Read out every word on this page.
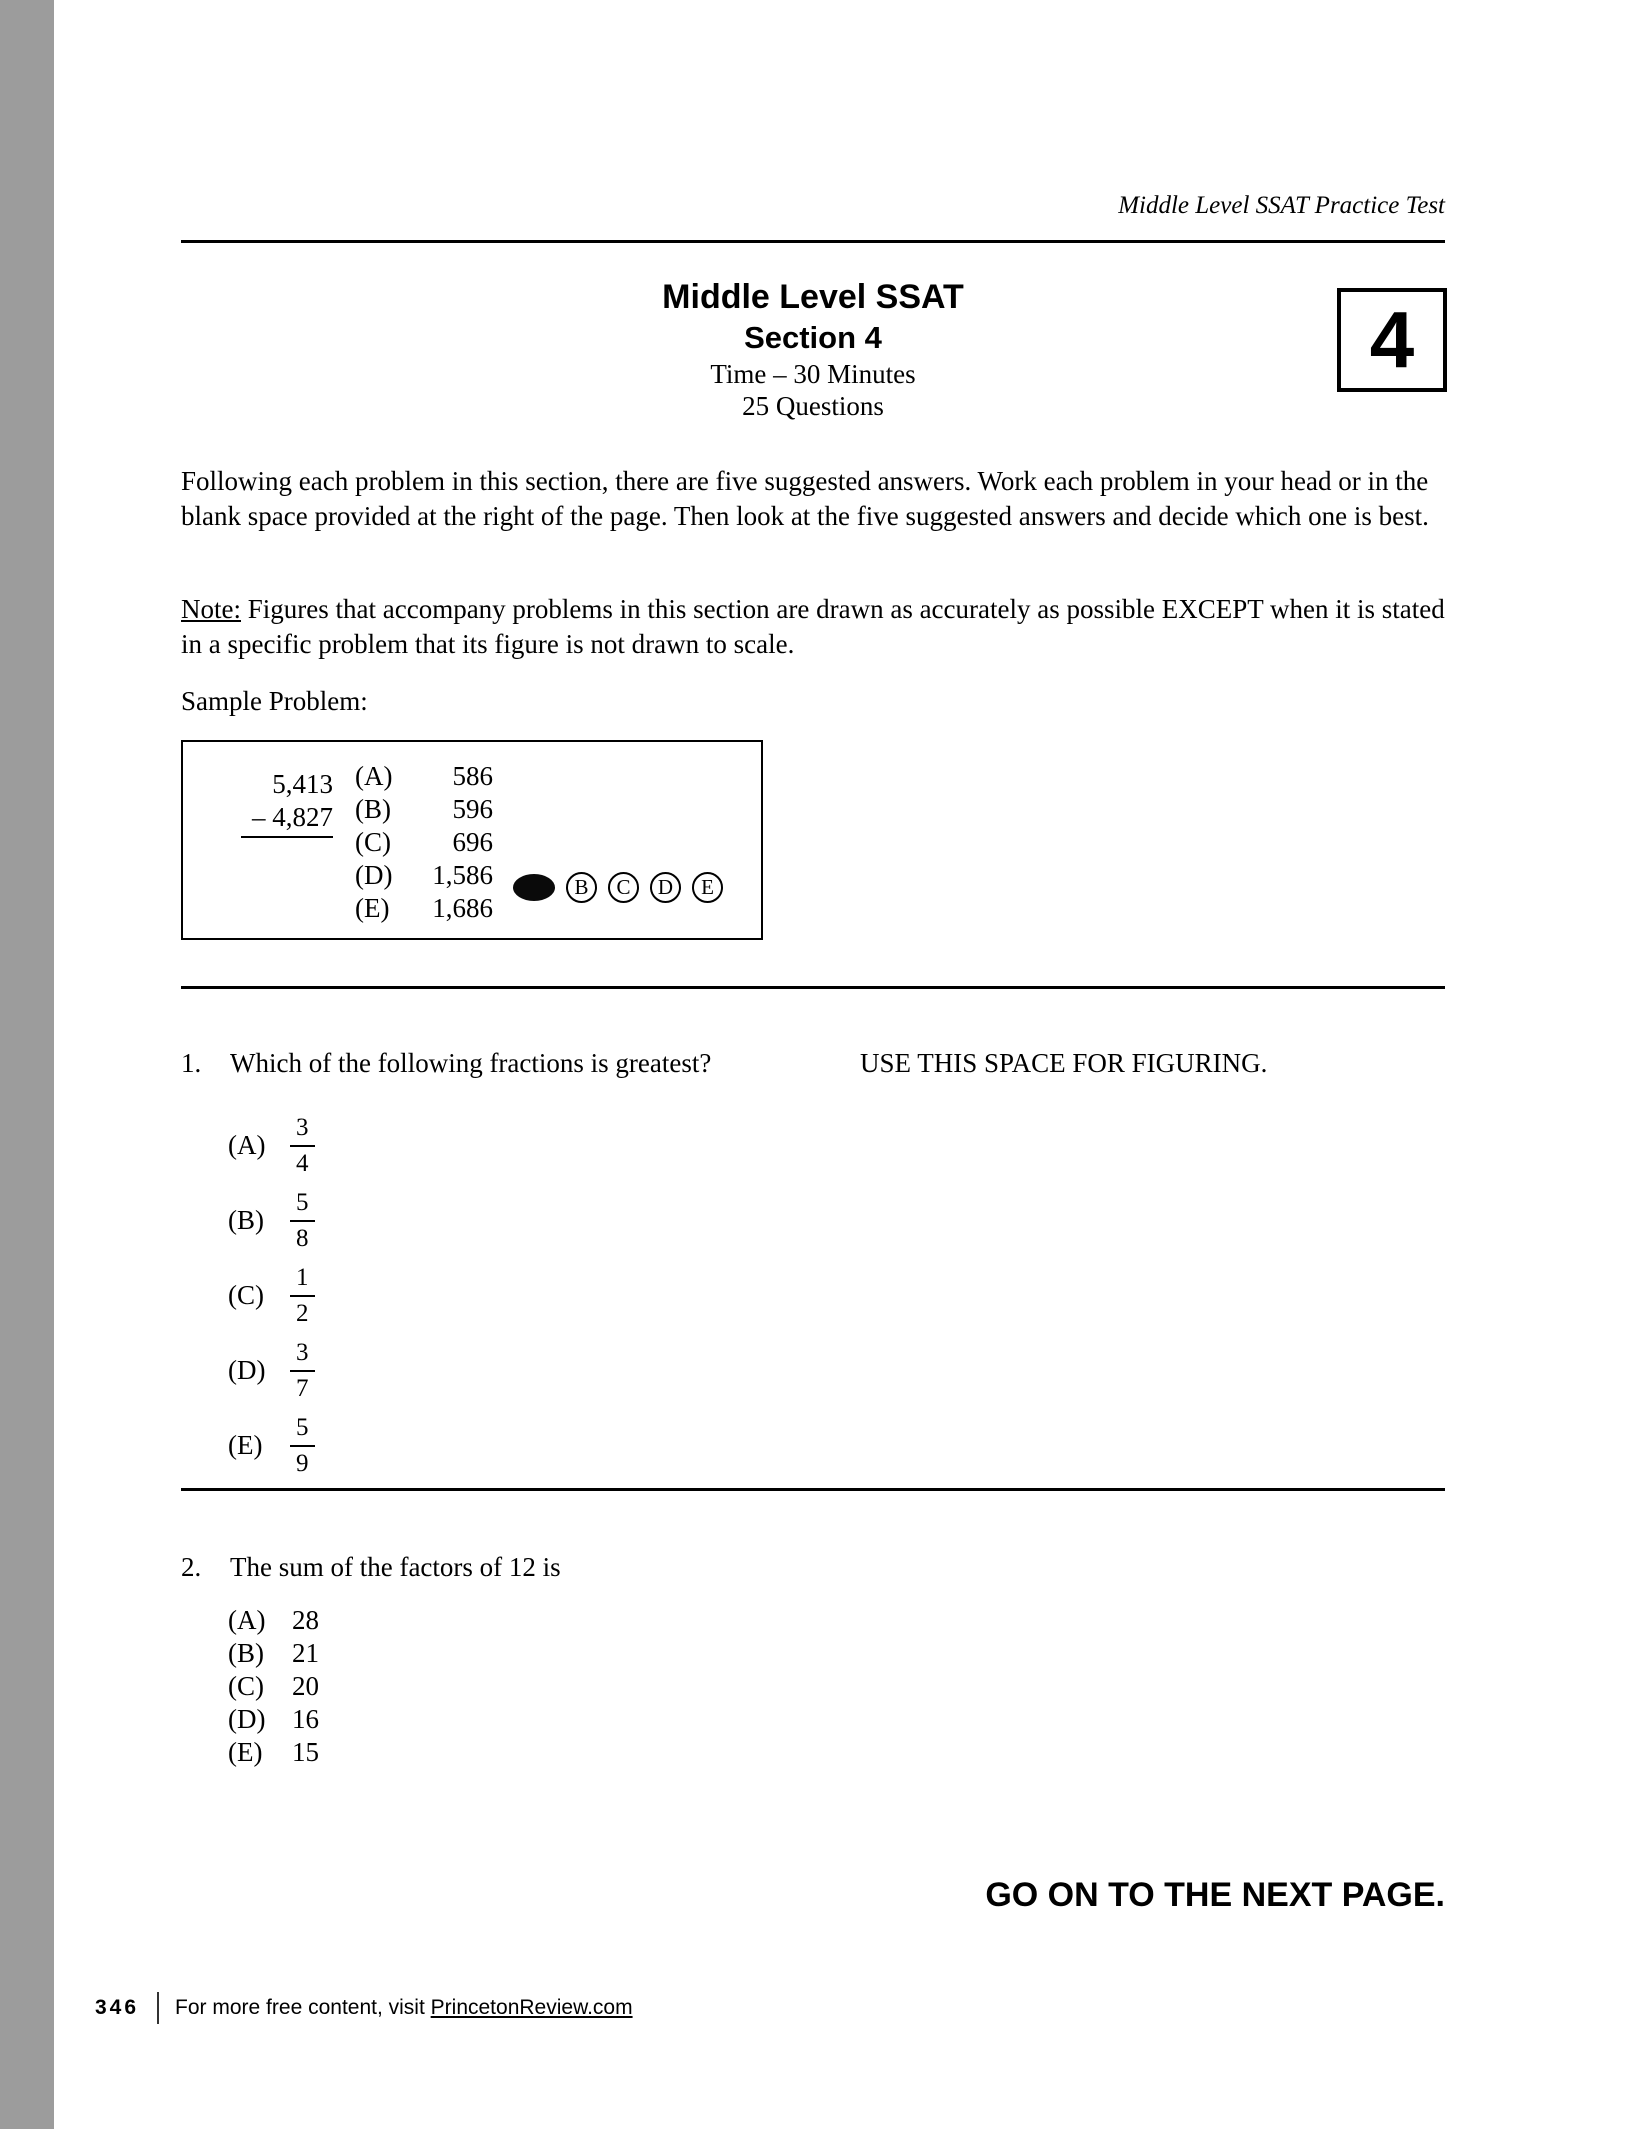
Middle Level SSAT Practice Test
Middle Level SSAT
Section 4
Time – 30 Minutes
25 Questions
4

Following each problem in this section, there are five suggested answers. Work each problem in your head or in the blank space provided at the right of the page. Then look at the five suggested answers and decide which one is best.

Note: Figures that accompany problems in this section are drawn as accurately as possible EXCEPT when it is stated in a specific problem that its figure is not drawn to scale.

Sample Problem:

5,413
– 4,827
(A)	586
(B)	596
(C)	696
(D)	1,586
(E)	1,686
B	C	D	E
1. Which of the following fractions is greatest?	USE THIS SPACE FOR FIGURING.
$(A) \frac{3}{4}$
(B)	$\frac{5}{8}$
(C)	$\frac{1}{2}$
$(D) \frac{3}{7}$
(E)	$\frac{5}{9}$
2. The sum of the factors of 12 is
(A)	28
(B)	21
(C)	20
(D)	16
(E)	15
GO ON TO THE NEXT PAGE.
346 For more free content, visit PrincetonReview.com
